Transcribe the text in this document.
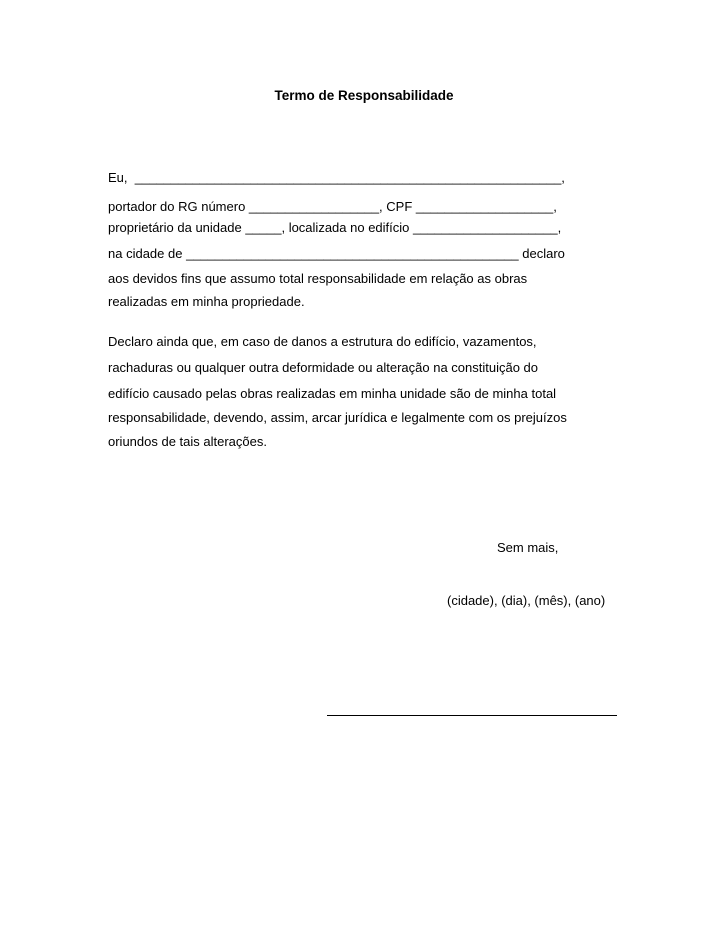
Termo de Responsabilidade
Eu,  ___________________________________________________________,
portador do RG número __________________, CPF ___________________,
proprietário da unidade _____, localizada no edifício ____________________,
na cidade de ______________________________________________ declaro
aos devidos fins que assumo total responsabilidade em relação as obras
realizadas em minha propriedade.
Declaro ainda que, em caso de danos a estrutura do edifício, vazamentos,
rachaduras ou qualquer outra deformidade ou alteração na constituição do
edifício causado pelas obras realizadas em minha unidade são de minha total
responsabilidade, devendo, assim, arcar jurídica e legalmente com os prejuízos
oriundos de tais alterações.
Sem mais,
(cidade), (dia), (mês), (ano)
